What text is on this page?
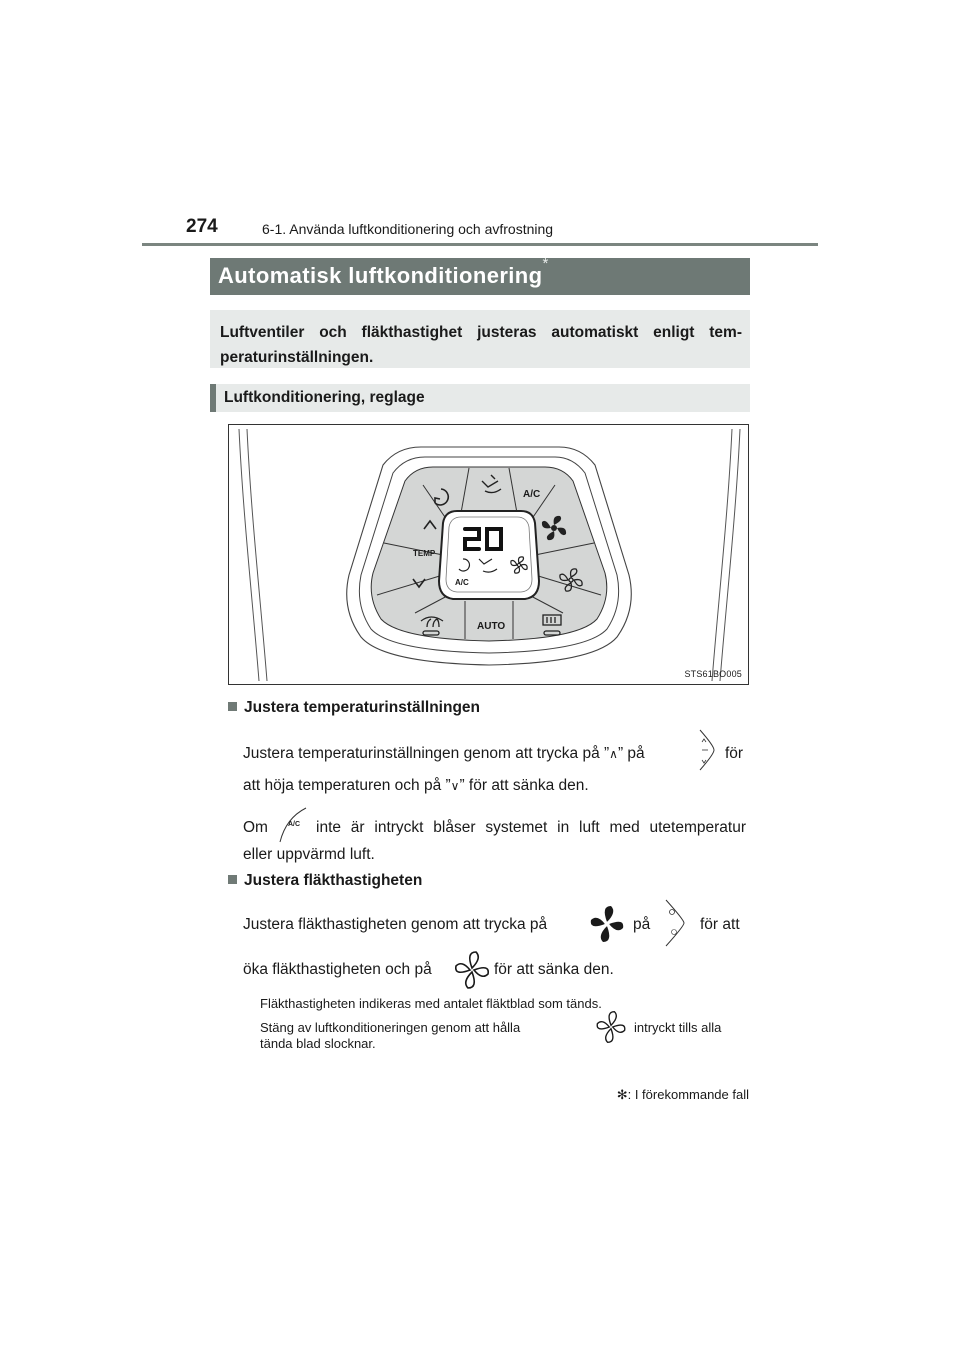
274	6-1. Använda luftkonditionering och avfrostning
Automatisk luftkonditionering *
Luftventiler och fläkthastighet justeras automatiskt enligt tem-peraturinställningen.
Luftkonditionering, reglage
TEMP
A/C
AUTO
A/C
STS61BO005
Justera temperaturinställningen
Justera temperaturinställningen genom att trycka på ”∧” på	för
att höja temperaturen och på ”∨” för att sänka den.
Om	A/C inte är intryckt blåser systemet in luft med utetemperatur
eller uppvärmd luft.
Justera fläkthastigheten
Justera fläkthastigheten genom att trycka på	på	för att
öka fläkthastigheten och på	för att sänka den.
Fläkthastigheten indikeras med antalet fläktblad som tänds.
Stäng av luftkonditioneringen genom att hålla	intryckt tills alla
tända blad slocknar.
✻: I förekommande fall
